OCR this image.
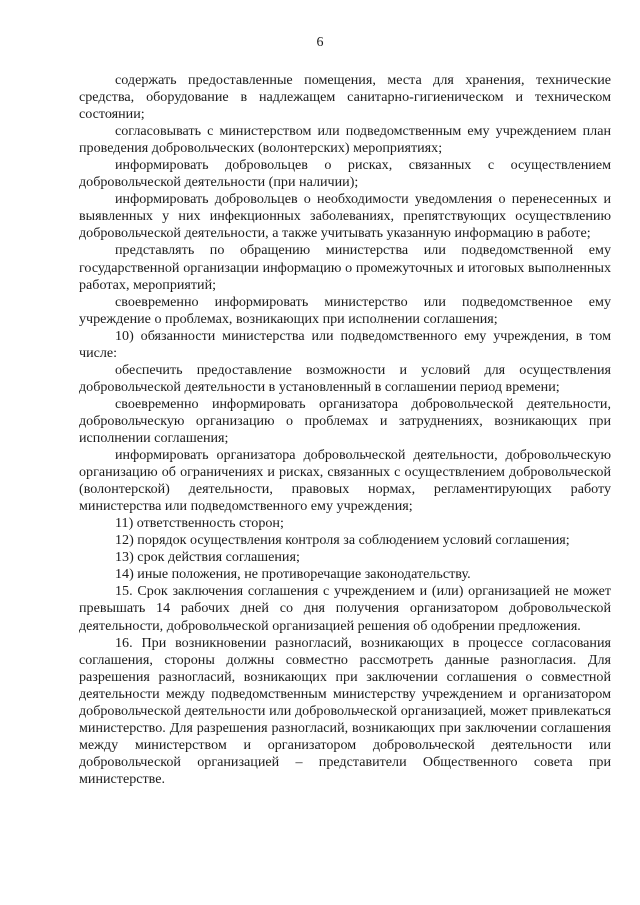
6

содержать предоставленные помещения, места для хранения, технические средства, оборудование в надлежащем санитарно-гигиеническом и техническом состоянии;

согласовывать с министерством или подведомственным ему учреждением план проведения добровольческих (волонтерских) мероприятиях;

информировать добровольцев о рисках, связанных с осуществлением добровольческой деятельности (при наличии);

информировать добровольцев о необходимости уведомления о перенесенных и выявленных у них инфекционных заболеваниях, препятствующих осуществлению добровольческой деятельности, а также учитывать указанную информацию в работе;

представлять по обращению министерства или подведомственной ему государственной организации информацию о промежуточных и итоговых выполненных работах, мероприятий;

своевременно информировать министерство или подведомственное ему учреждение о проблемах, возникающих при исполнении соглашения;

10) обязанности министерства или подведомственного ему учреждения, в том числе:

обеспечить предоставление возможности и условий для осуществления добровольческой деятельности в установленный в соглашении период времени;

своевременно информировать организатора добровольческой деятельности, добровольческую организацию о проблемах и затруднениях, возникающих при исполнении соглашения;

информировать организатора добровольческой деятельности, добровольческую организацию об ограничениях и рисках, связанных с осуществлением добровольческой (волонтерской) деятельности, правовых нормах, регламентирующих работу министерства или подведомственного ему учреждения;

11) ответственность сторон;

12) порядок осуществления контроля за соблюдением условий соглашения;

13) срок действия соглашения;

14) иные положения, не противоречащие законодательству.

15. Срок заключения соглашения с учреждением и (или) организацией не может превышать 14 рабочих дней со дня получения организатором добровольческой деятельности, добровольческой организацией решения об одобрении предложения.

16. При возникновении разногласий, возникающих в процессе согласования соглашения, стороны должны совместно рассмотреть данные разногласия. Для разрешения разногласий, возникающих при заключении соглашения о совместной деятельности между подведомственным министерству учреждением и организатором добровольческой деятельности или добровольческой организацией, может привлекаться министерство. Для разрешения разногласий, возникающих при заключении соглашения между министерством и организатором добровольческой деятельности или добровольческой организацией – представители Общественного совета при министерстве.
